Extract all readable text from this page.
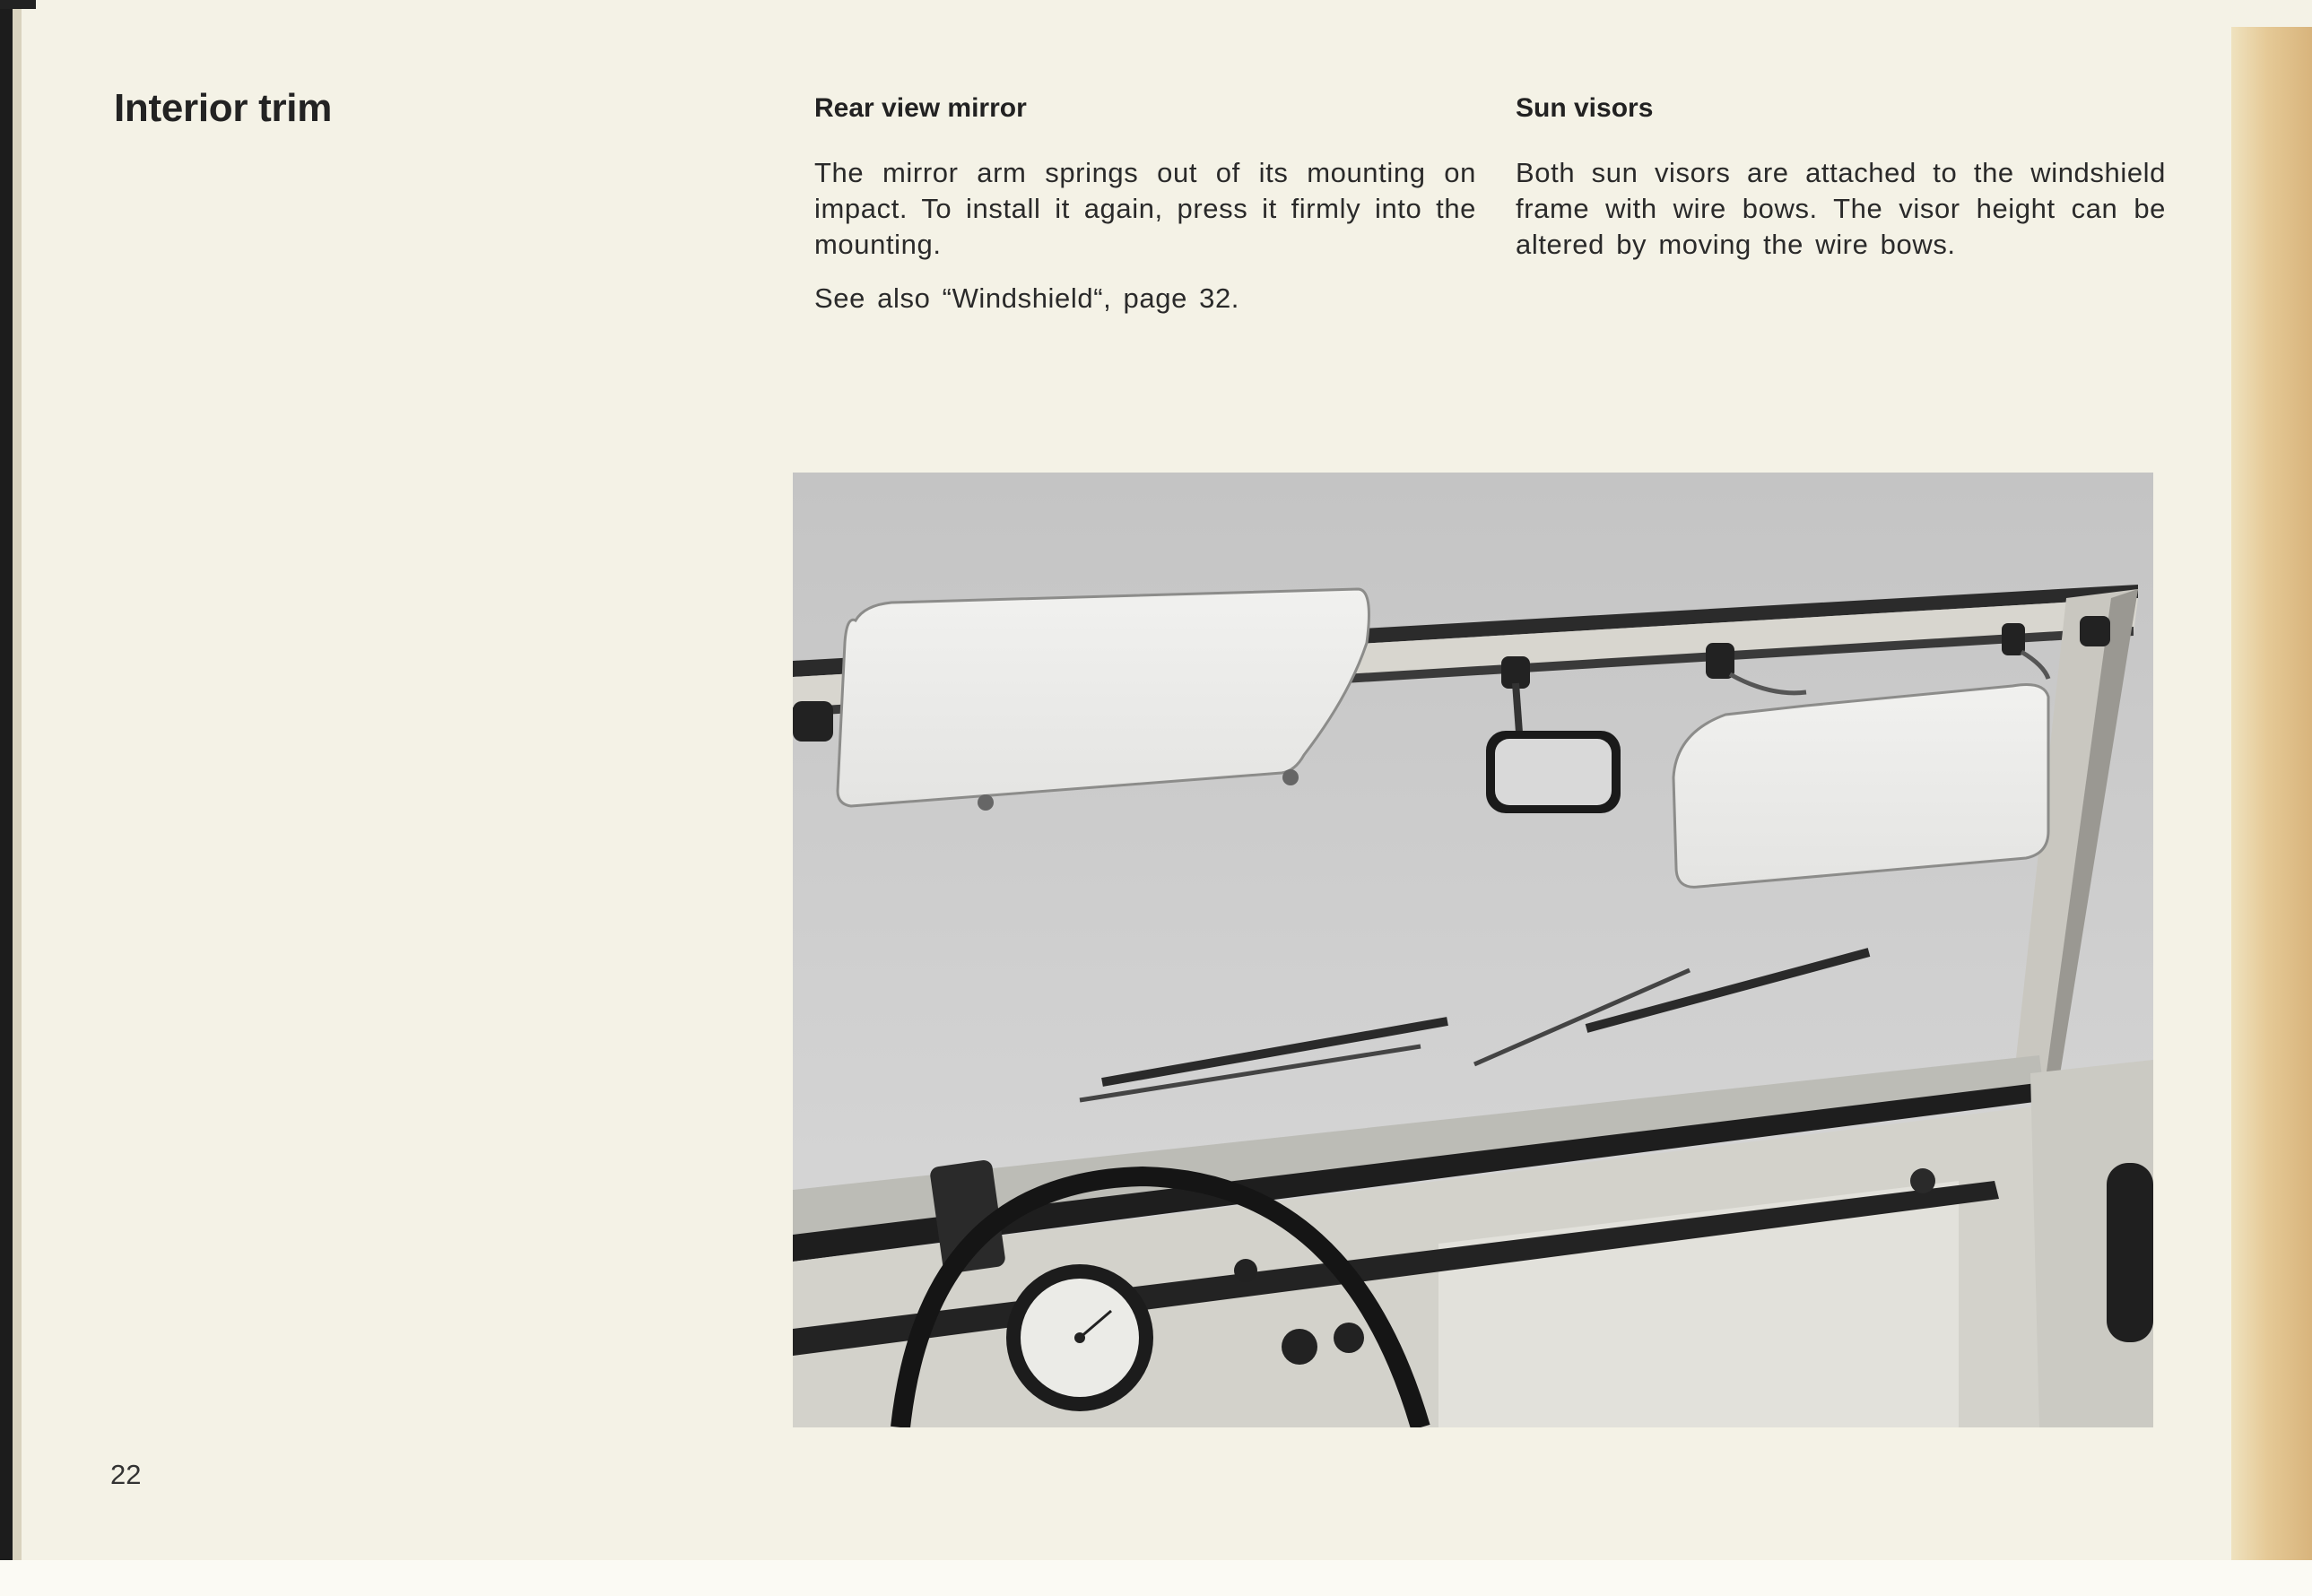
Interior trim	Rear view mirror

The mirror arm springs out of its mounting on impact. To install it again, press it firmly into the mounting.

See also “Windshield“, page 32.

Sun visors

Both sun visors are attached to the windshield frame with wire bows. The visor height can be altered by moving the wire bows.

22
